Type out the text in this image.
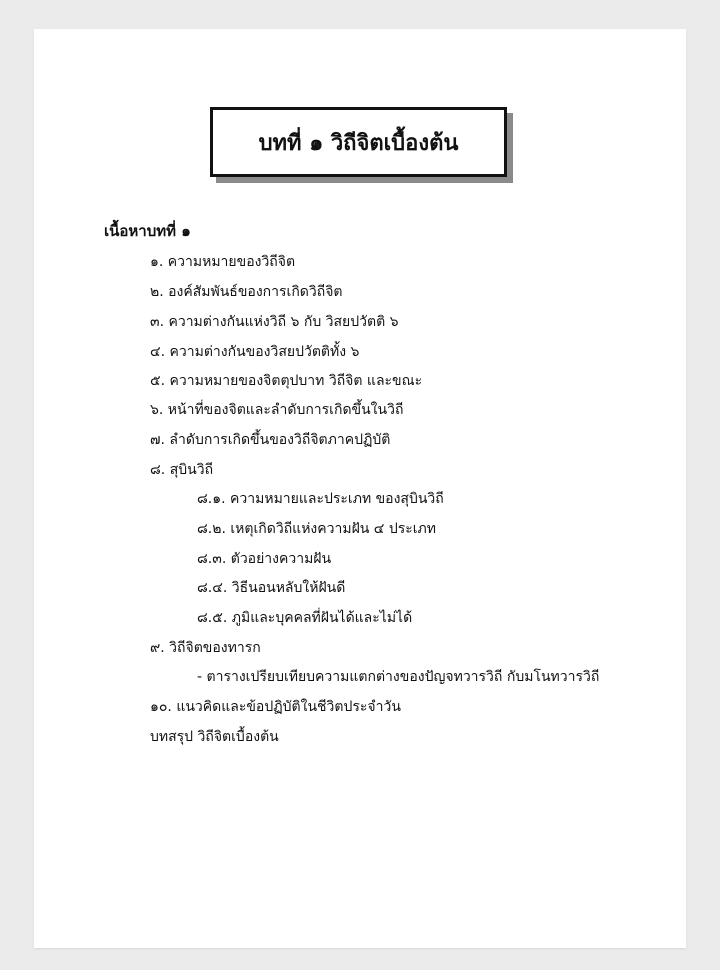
บทที่ ๑ วิถีจิตเบื้องต้น
เนื้อหาบทที่ ๑
๑. ความหมายของวิถีจิต
๒. องค์สัมพันธ์ของการเกิดวิถีจิต
๓. ความต่างกันแห่งวิถี ๖ กับ วิสยปวัตติ ๖
๔. ความต่างกันของวิสยปวัตติทั้ง ๖
๕. ความหมายของจิตตุปบาท วิถีจิต และขณะ
๖. หน้าที่ของจิตและลำดับการเกิดขึ้นในวิถี
๗. ลำดับการเกิดขึ้นของวิถีจิตภาคปฏิบัติ
๘. สุบินวิถี
๘.๑. ความหมายและประเภท ของสุบินวิถี
๘.๒. เหตุเกิดวิถีแห่งความฝัน ๔ ประเภท
๘.๓. ตัวอย่างความฝัน
๘.๔. วิธีนอนหลับให้ฝันดี
๘.๕. ภูมิและบุคคลที่ฝันได้และไม่ได้
๙. วิถีจิตของทารก
- ตารางเปรียบเทียบความแตกต่างของปัญจทวารวิถี กับมโนทวารวิถี
๑๐. แนวคิดและข้อปฏิบัติในชีวิตประจำวัน
บทสรุป วิถีจิตเบื้องต้น
